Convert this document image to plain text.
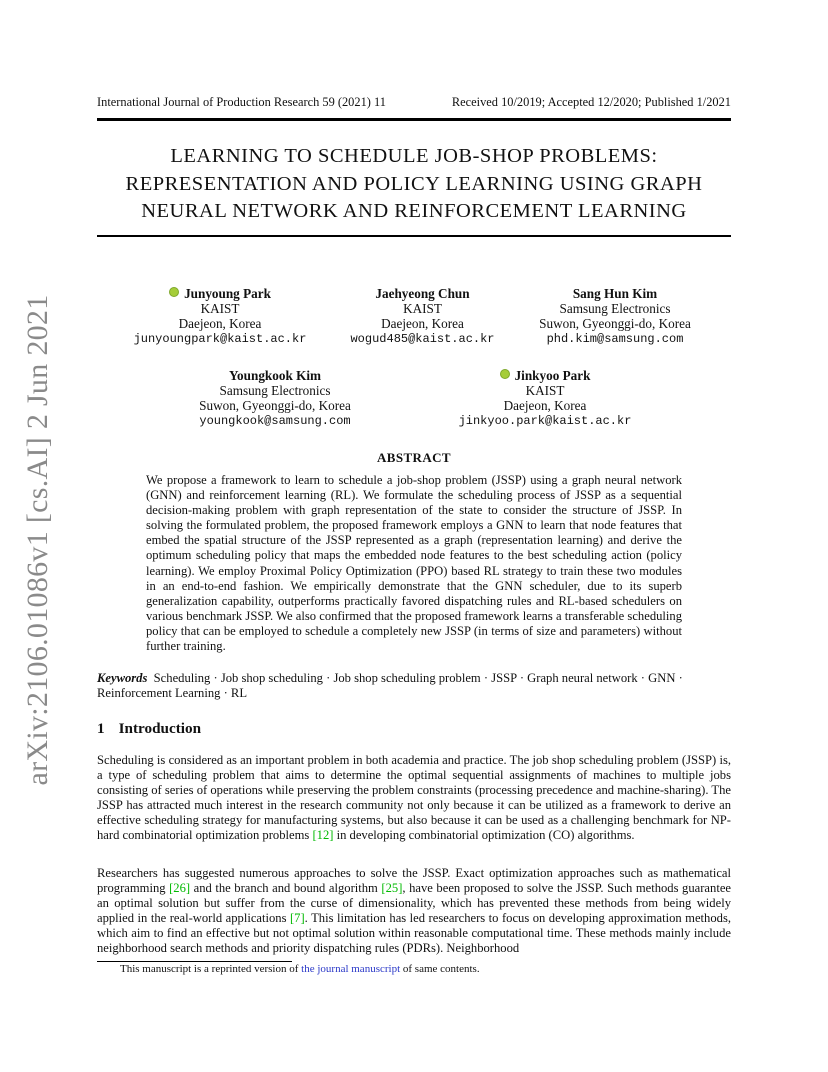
International Journal of Production Research 59 (2021) 11	Received 10/2019; Accepted 12/2020; Published 1/2021
arXiv:2106.01086v1 [cs.AI] 2 Jun 2021
LEARNING TO SCHEDULE JOB-SHOP PROBLEMS:
REPRESENTATION AND POLICY LEARNING USING GRAPH
NEURAL NETWORK AND REINFORCEMENT LEARNING
Junyoung Park
KAIST
Daejeon, Korea
junyoungpark@kaist.ac.kr
Jaehyeong Chun
KAIST
Daejeon, Korea
wogud485@kaist.ac.kr
Sang Hun Kim
Samsung Electronics
Suwon, Gyeonggi-do, Korea
phd.kim@samsung.com
Youngkook Kim
Samsung Electronics
Suwon, Gyeonggi-do, Korea
youngkook@samsung.com
Jinkyoo Park
KAIST
Daejeon, Korea
jinkyoo.park@kaist.ac.kr
ABSTRACT
We propose a framework to learn to schedule a job-shop problem (JSSP) using a graph neural network (GNN) and reinforcement learning (RL). We formulate the scheduling process of JSSP as a sequential decision-making problem with graph representation of the state to consider the structure of JSSP. In solving the formulated problem, the proposed framework employs a GNN to learn that node features that embed the spatial structure of the JSSP represented as a graph (representation learning) and derive the optimum scheduling policy that maps the embedded node features to the best scheduling action (policy learning). We employ Proximal Policy Optimization (PPO) based RL strategy to train these two modules in an end-to-end fashion. We empirically demonstrate that the GNN scheduler, due to its superb generalization capability, outperforms practically favored dispatching rules and RL-based schedulers on various benchmark JSSP. We also confirmed that the proposed framework learns a transferable scheduling policy that can be employed to schedule a completely new JSSP (in terms of size and parameters) without further training.
Keywords Scheduling · Job shop scheduling · Job shop scheduling problem · JSSP · Graph neural network · GNN · Reinforcement Learning · RL
1 Introduction
Scheduling is considered as an important problem in both academia and practice. The job shop scheduling problem (JSSP) is, a type of scheduling problem that aims to determine the optimal sequential assignments of machines to multiple jobs consisting of series of operations while preserving the problem constraints (processing precedence and machine-sharing). The JSSP has attracted much interest in the research community not only because it can be utilized as a framework to derive an effective scheduling strategy for manufacturing systems, but also because it can be used as a challenging benchmark for NP-hard combinatorial optimization problems [12] in developing combinatorial optimization (CO) algorithms.
Researchers has suggested numerous approaches to solve the JSSP. Exact optimization approaches such as mathematical programming [26] and the branch and bound algorithm [25], have been proposed to solve the JSSP. Such methods guarantee an optimal solution but suffer from the curse of dimensionality, which has prevented these methods from being widely applied in the real-world applications [7]. This limitation has led researchers to focus on developing approximation methods, which aim to find an effective but not optimal solution within reasonable computational time. These methods mainly include neighborhood search methods and priority dispatching rules (PDRs). Neighborhood
This manuscript is a reprinted version of the journal manuscript of same contents.
